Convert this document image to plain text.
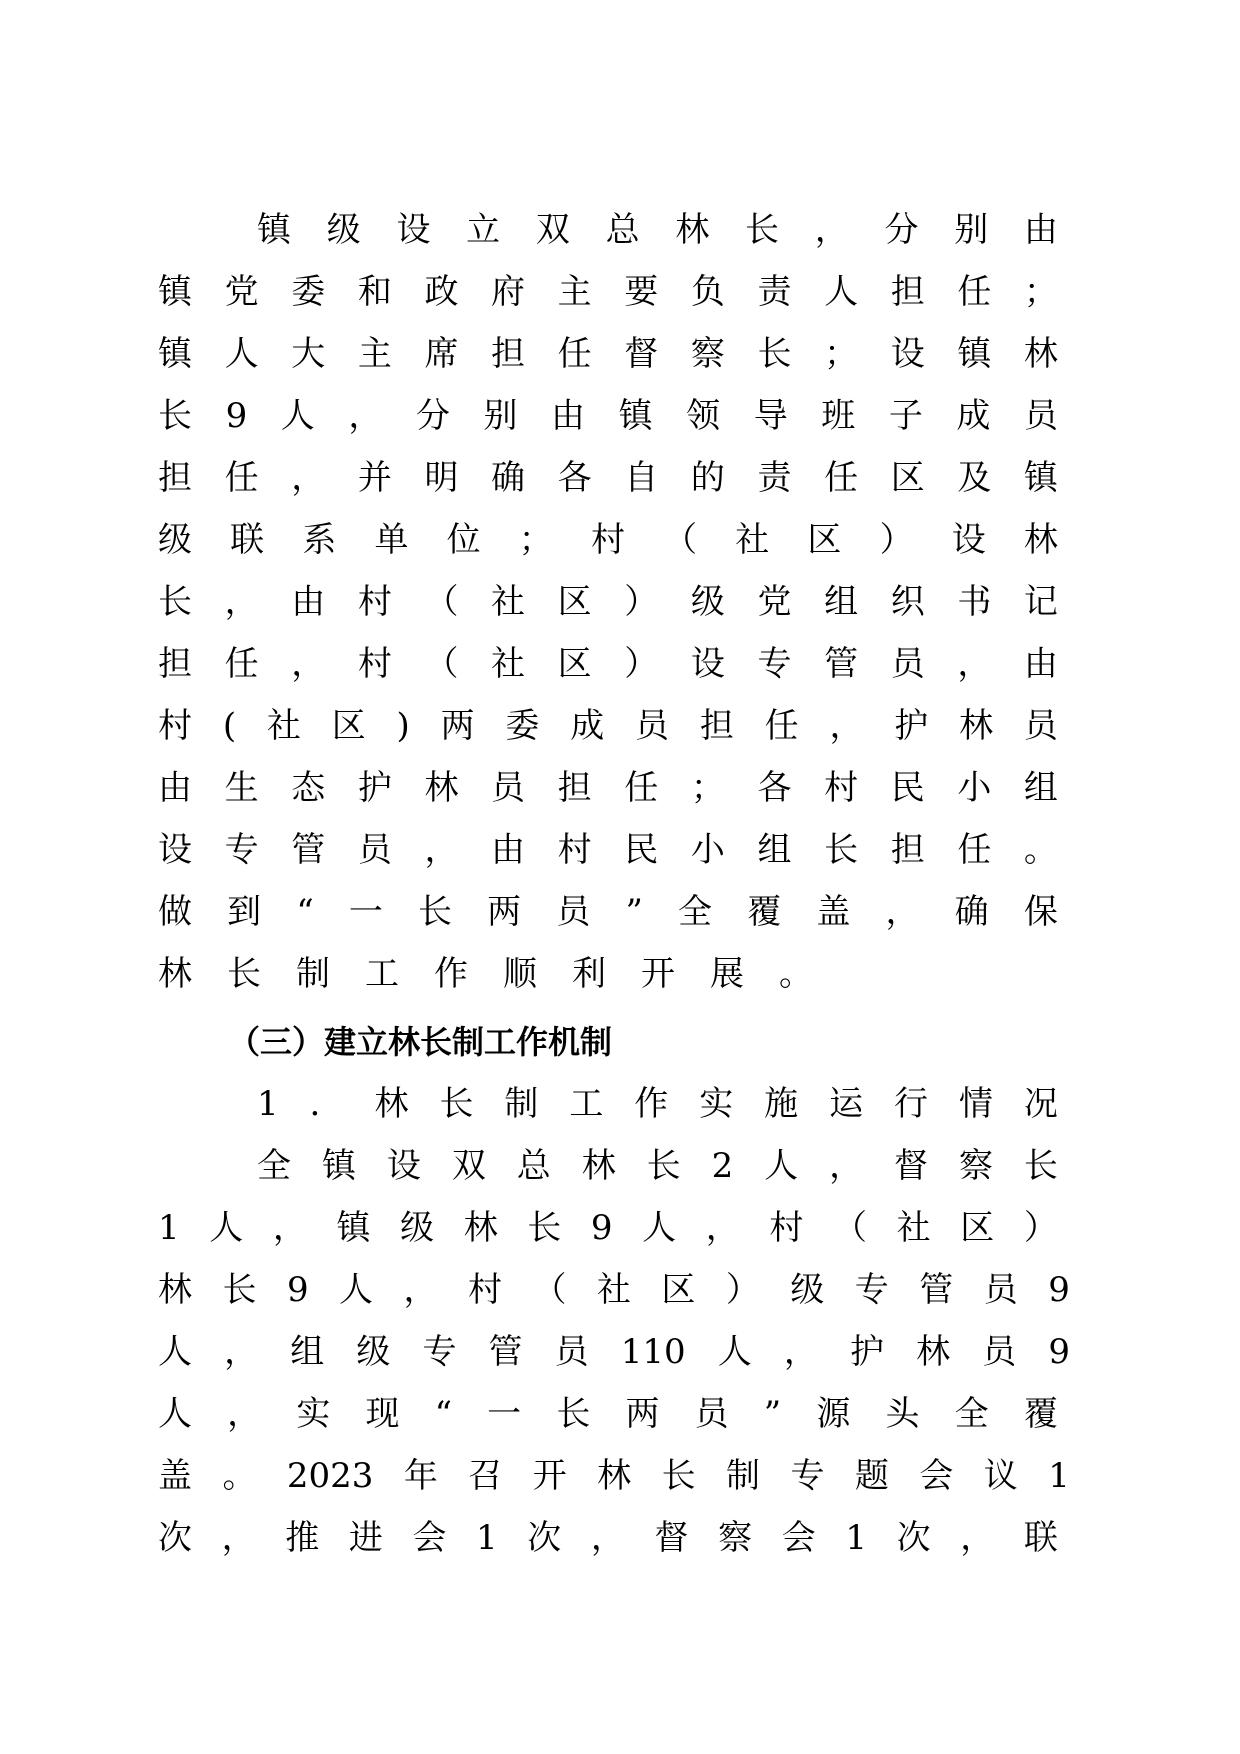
镇 级 设 立 双 总 林 长 ， 分 别 由
镇 党 委 和 政 府 主 要 负 责 人 担 任 ；
镇 人 大 主 席 担 任 督 察 长 ； 设 镇 林
长 9 人 ， 分 别 由 镇 领 导 班 子 成 员
担 任 ， 并 明 确 各 自 的 责 任 区 及 镇
级 联 系 单 位 ； 村 （ 社 区 ） 设 林
长 ， 由 村 （ 社 区 ） 级 党 组 织 书 记
担 任 ， 村 （ 社 区 ） 设 专 管 员 ， 由
村 ( 社 区 ) 两 委 成 员 担 任 ， 护 林 员
由 生 态 护 林 员 担 任 ； 各 村 民 小 组
设 专 管 员 ， 由 村 民 小 组 长 担 任 。
做 到 “ 一 长 两 员 ” 全 覆 盖 ， 确 保
林 长 制 工 作 顺 利 开 展 。
（三）建立林长制工作机制
1 ． 林 长 制 工 作 实 施 运 行 情 况
全 镇 设 双 总 林 长 2 人 ， 督 察 长
1 人 ， 镇 级 林 长 9 人 ， 村 （ 社 区 ）
林 长 9 人 ， 村 （ 社 区 ） 级 专 管 员 9
人 ， 组 级 专 管 员 110 人 ， 护 林 员 9
人 ， 实 现 “ 一 长 两 员 ” 源 头 全 覆
盖 。 2023 年 召 开 林 长 制 专 题 会 议 1
次 ， 推 进 会 1 次 ， 督 察 会 1 次 ， 联
